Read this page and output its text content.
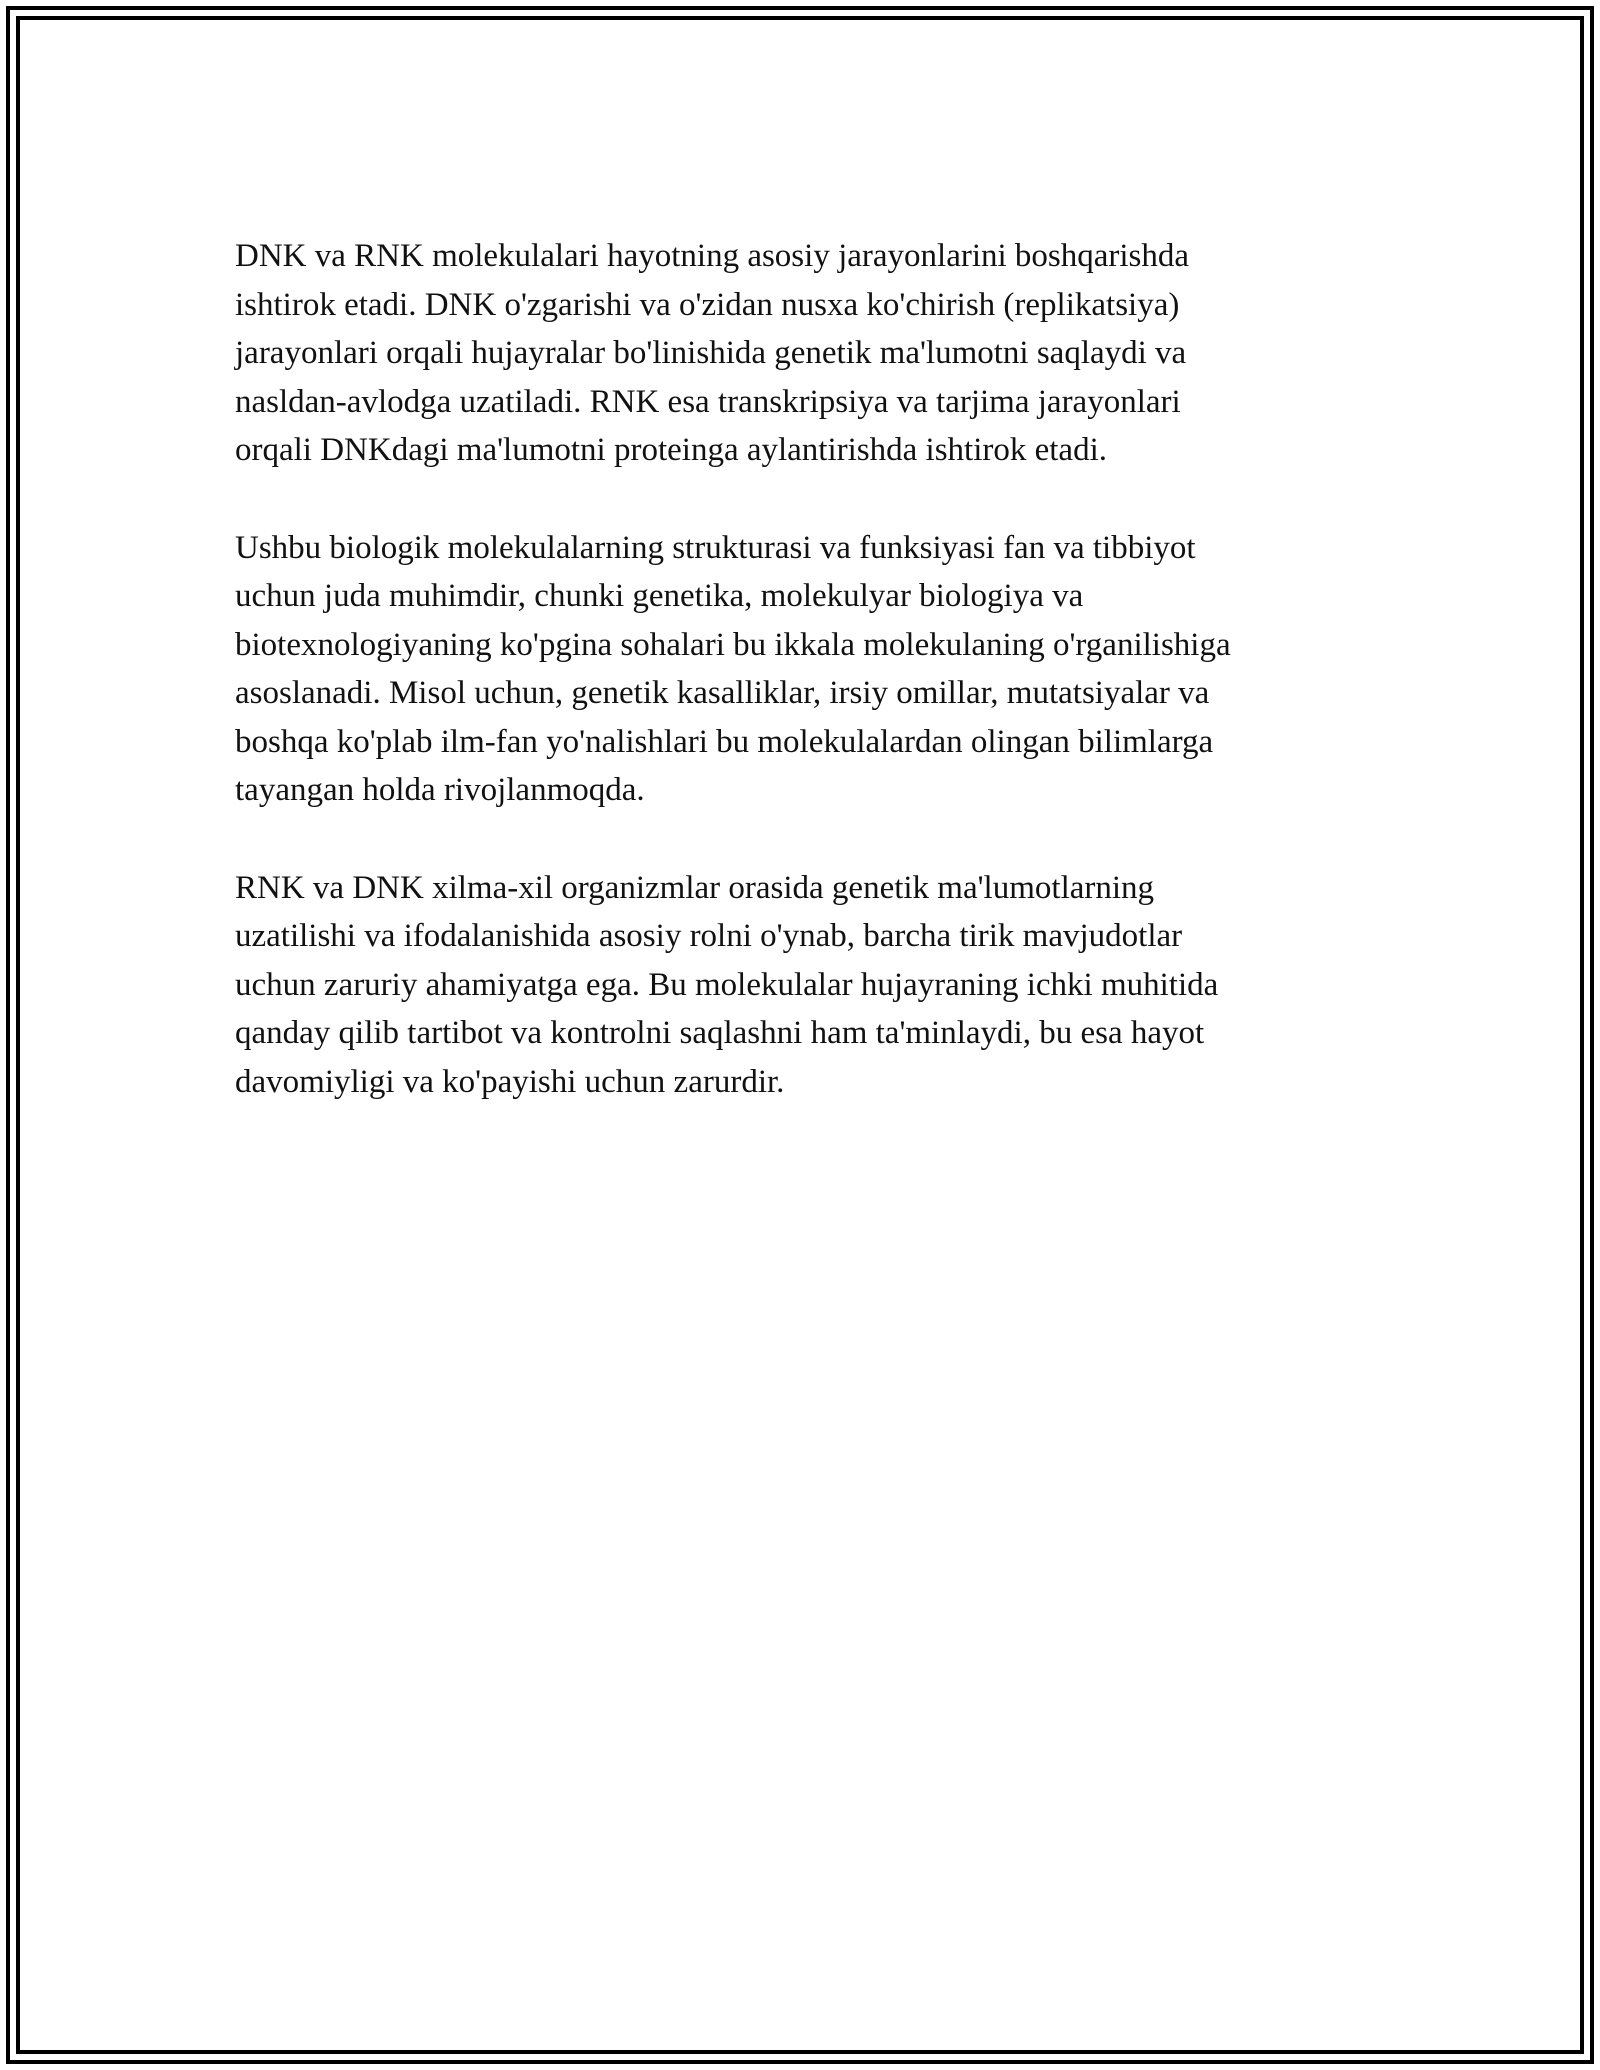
DNK va RNK molekulalari hayotning asosiy jarayonlarini boshqarishda
ishtirok etadi. DNK o'zgarishi va o'zidan nusxa ko'chirish (replikatsiya)
jarayonlari orqali hujayralar bo'linishida genetik ma'lumotni saqlaydi va
nasldan-avlodga uzatiladi. RNK esa transkripsiya va tarjima jarayonlari
orqali DNKdagi ma'lumotni proteinga aylantirishda ishtirok etadi.

Ushbu biologik molekulalarning strukturasi va funksiyasi fan va tibbiyot
uchun juda muhimdir, chunki genetika, molekulyar biologiya va
biotexnologiyaning ko'pgina sohalari bu ikkala molekulaning o'rganilishiga
asoslanadi. Misol uchun, genetik kasalliklar, irsiy omillar, mutatsiyalar va
boshqa ko'plab ilm-fan yo'nalishlari bu molekulalardan olingan bilimlarga
tayangan holda rivojlanmoqda.

RNK va DNK xilma-xil organizmlar orasida genetik ma'lumotlarning
uzatilishi va ifodalanishida asosiy rolni o'ynab, barcha tirik mavjudotlar
uchun zaruriy ahamiyatga ega. Bu molekulalar hujayraning ichki muhitida
qanday qilib tartibot va kontrolni saqlashni ham ta'minlaydi, bu esa hayot
davomiyligi va ko'payishi uchun zarurdir.
